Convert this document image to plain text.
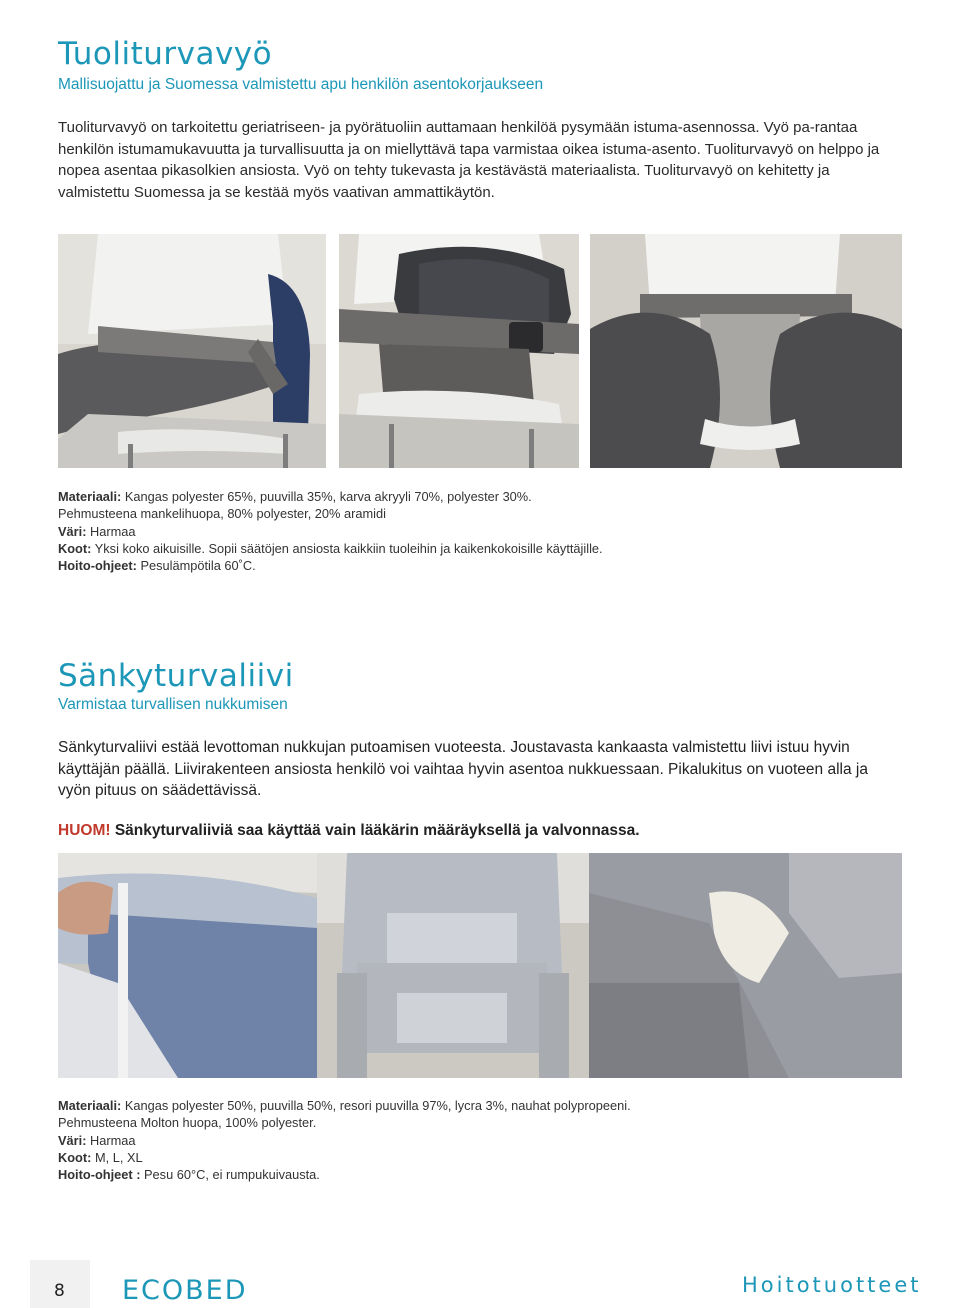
Tuoliturvavyö
Mallisuojattu ja Suomessa valmistettu apu henkilön asentokorjaukseen
Tuoliturvavyö on tarkoitettu geriatriseen- ja pyörätuoliin auttamaan henkilöä pysymään istuma-asennossa. Vyö pa-rantaa henkilön istumamukavuutta ja turvallisuutta ja on miellyttävä tapa varmistaa oikea istuma-asento. Tuoliturvavyö on helppo ja nopea asentaa pikasolkien ansiosta. Vyö on tehty tukevasta ja kestävästä materiaalista. Tuoliturvavyö on kehitetty ja valmistettu Suomessa ja se kestää myös vaativan ammattikäytön.
Materiaali: Kangas polyester 65%, puuvilla 35%, karva akryyli 70%, polyester 30%.
Pehmusteena mankelihuopa, 80% polyester, 20% aramidi
Väri: Harmaa
Koot: Yksi koko aikuisille. Sopii säätöjen ansiosta kaikkiin tuoleihin ja kaikenkokoisille käyttäjille.
Hoito-ohjeet: Pesulämpötila 60˚C.
Sänkyturvaliivi
Varmistaa turvallisen nukkumisen
Sänkyturvaliivi estää levottoman nukkujan putoamisen vuoteesta. Joustavasta kankaasta valmistettu liivi istuu hyvin käyttäjän päällä. Liivirakenteen ansiosta henkilö voi vaihtaa hyvin asentoa nukkuessaan. Pikalukitus on vuoteen alla ja vyön pituus on säädettävissä.
HUOM! Sänkyturvaliiviä saa käyttää vain lääkärin määräyksellä ja valvonnassa.
Materiaali: Kangas polyester 50%, puuvilla 50%, resori puuvilla 97%, lycra 3%, nauhat polypropeeni.
Pehmusteena Molton huopa, 100% polyester.
Väri: Harmaa
Koot: M, L, XL
Hoito-ohjeet : Pesu 60°C, ei rumpukuivausta.
8 ECOBED	Hoitotuotteet
